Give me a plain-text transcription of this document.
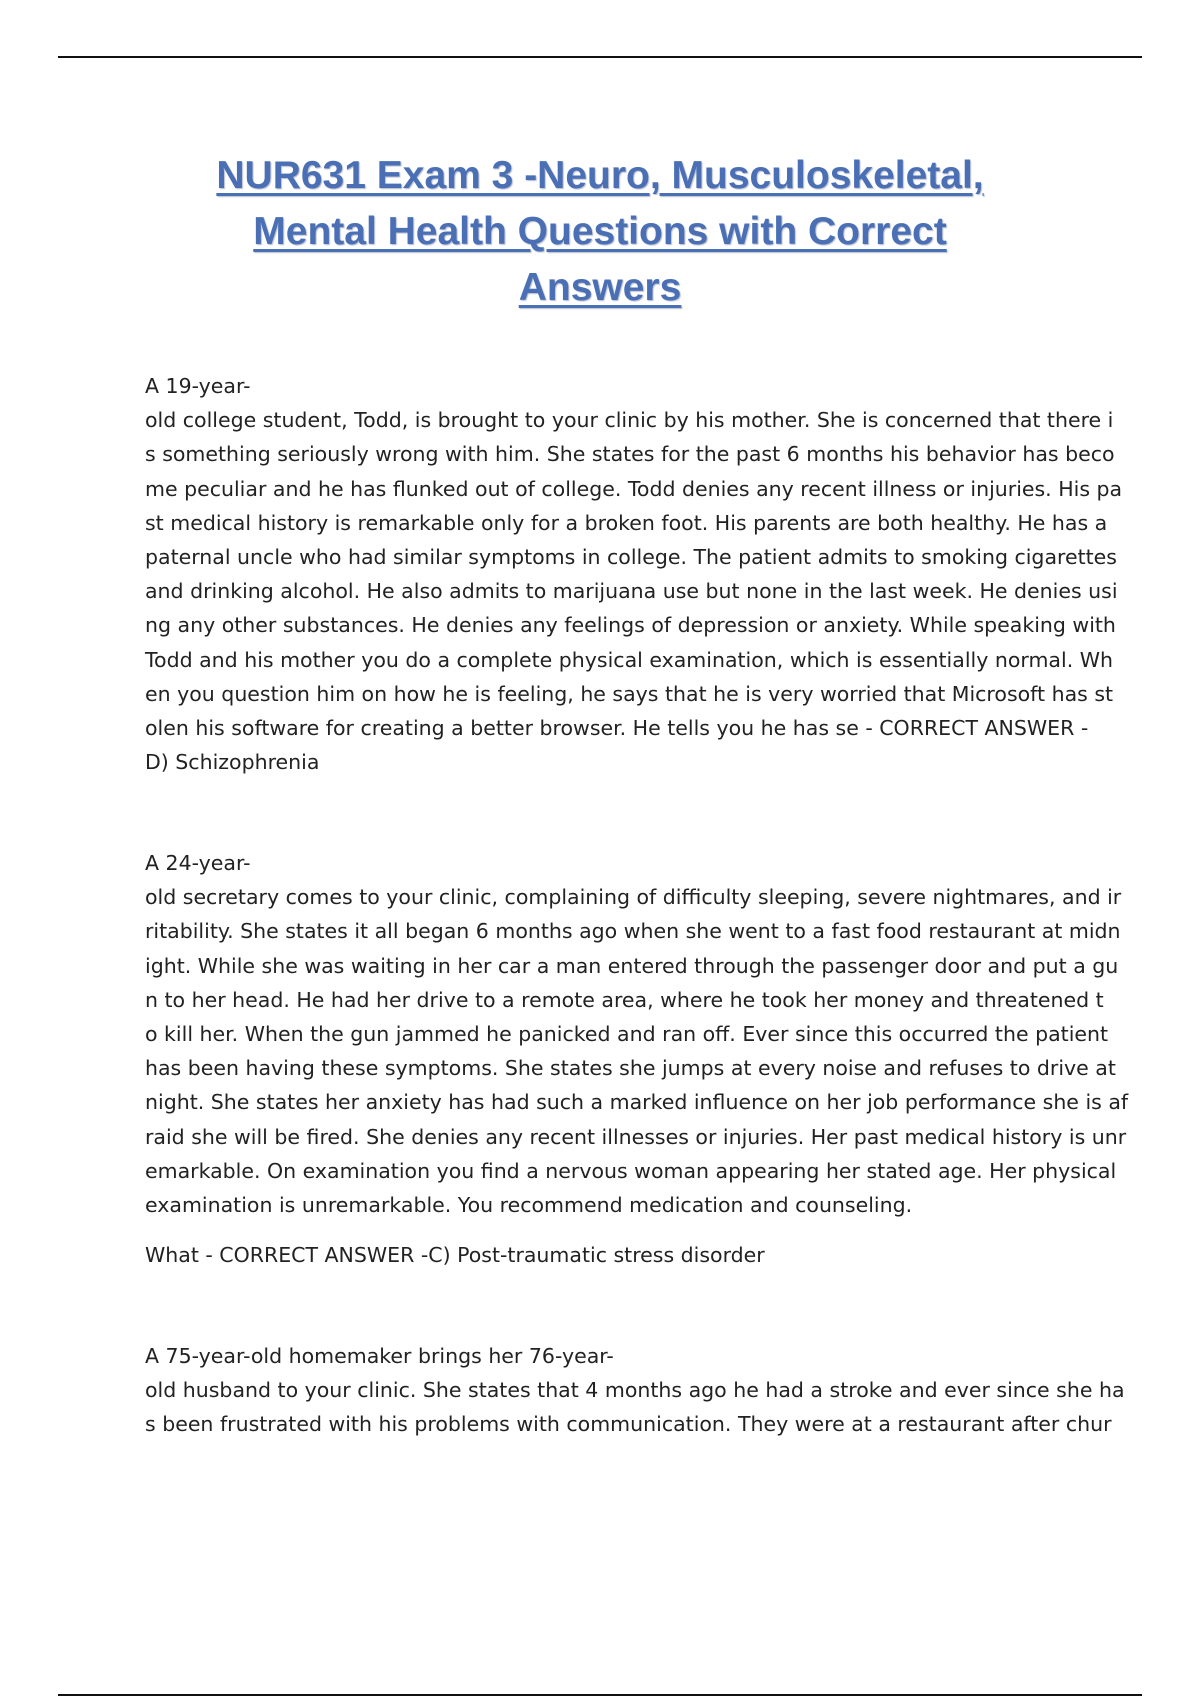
NUR631 Exam 3 -Neuro, Musculoskeletal,
Mental Health Questions with Correct
Answers
A 19-year-
old college student, Todd, is brought to your clinic by his mother. She is concerned that there i
s something seriously wrong with him. She states for the past 6 months his behavior has beco
me peculiar and he has flunked out of college. Todd denies any recent illness or injuries. His pa
st medical history is remarkable only for a broken foot. His parents are both healthy. He has a
paternal uncle who had similar symptoms in college. The patient admits to smoking cigarettes
and drinking alcohol. He also admits to marijuana use but none in the last week. He denies usi
ng any other substances. He denies any feelings of depression or anxiety. While speaking with
Todd and his mother you do a complete physical examination, which is essentially normal. Wh
en you question him on how he is feeling, he says that he is very worried that Microsoft has st
olen his software for creating a better browser. He tells you he has se - CORRECT ANSWER -
D) Schizophrenia
A 24-year-
old secretary comes to your clinic, complaining of difficulty sleeping, severe nightmares, and ir
ritability. She states it all began 6 months ago when she went to a fast food restaurant at midn
ight. While she was waiting in her car a man entered through the passenger door and put a gu
n to her head. He had her drive to a remote area, where he took her money and threatened t
o kill her. When the gun jammed he panicked and ran off. Ever since this occurred the patient
has been having these symptoms. She states she jumps at every noise and refuses to drive at
night. She states her anxiety has had such a marked influence on her job performance she is af
raid she will be fired. She denies any recent illnesses or injuries. Her past medical history is unr
emarkable. On examination you find a nervous woman appearing her stated age. Her physical
examination is unremarkable. You recommend medication and counseling.
What - CORRECT ANSWER -C) Post-traumatic stress disorder
A 75-year-old homemaker brings her 76-year-
old husband to your clinic. She states that 4 months ago he had a stroke and ever since she ha
s been frustrated with his problems with communication. They were at a restaurant after chur
